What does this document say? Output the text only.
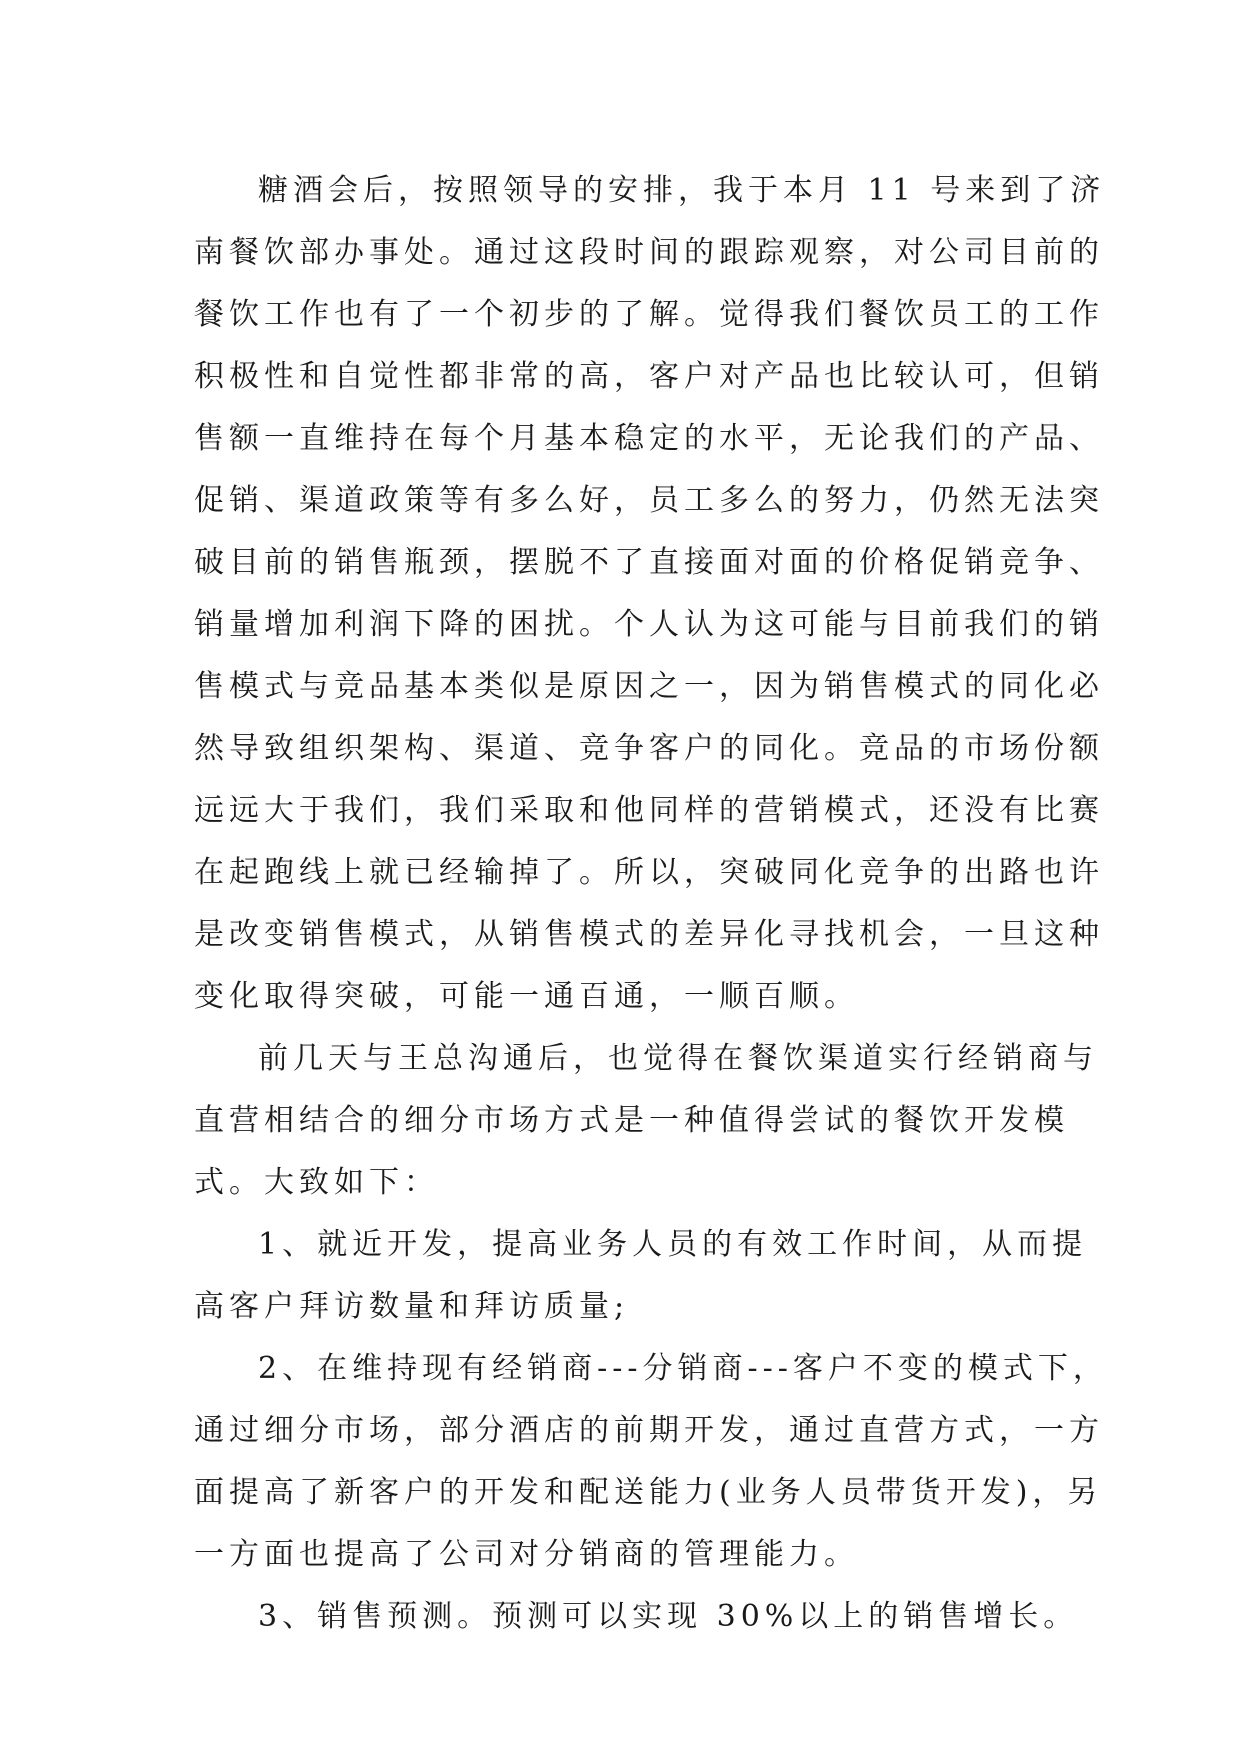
糖酒会后，按照领导的安排，我于本月 11 号来到了济
南餐饮部办事处。通过这段时间的跟踪观察，对公司目前的
餐饮工作也有了一个初步的了解。觉得我们餐饮员工的工作
积极性和自觉性都非常的高，客户对产品也比较认可，但销
售额一直维持在每个月基本稳定的水平，无论我们的产品、
促销、渠道政策等有多么好，员工多么的努力，仍然无法突
破目前的销售瓶颈，摆脱不了直接面对面的价格促销竞争、
销量增加利润下降的困扰。个人认为这可能与目前我们的销
售模式与竞品基本类似是原因之一，因为销售模式的同化必
然导致组织架构、渠道、竞争客户的同化。竞品的市场份额
远远大于我们，我们采取和他同样的营销模式，还没有比赛
在起跑线上就已经输掉了。所以，突破同化竞争的出路也许
是改变销售模式，从销售模式的差异化寻找机会，一旦这种
变化取得突破，可能一通百通，一顺百顺。
前几天与王总沟通后，也觉得在餐饮渠道实行经销商与
直营相结合的细分市场方式是一种值得尝试的餐饮开发模
式。大致如下：
1、就近开发，提高业务人员的有效工作时间，从而提
高客户拜访数量和拜访质量;
2、在维持现有经销商---分销商---客户不变的模式下，
通过细分市场，部分酒店的前期开发，通过直营方式，一方
面提高了新客户的开发和配送能力(业务人员带货开发)，另
一方面也提高了公司对分销商的管理能力。
3、销售预测。预测可以实现 30%以上的销售增长。
